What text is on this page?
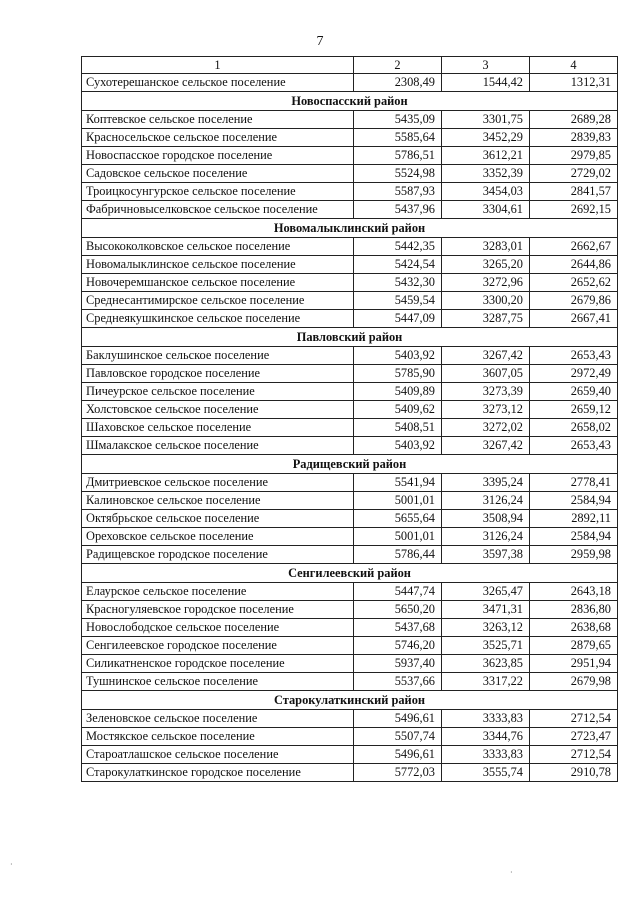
7
1	2	3	4
Сухотерешанское сельское поселение	2308,49	1544,42	1312,31
Новоспасский район			
Коптевское сельское поселение	5435,09	3301,75	2689,28
Красносельское сельское поселение	5585,64	3452,29	2839,83
Новоспасское городское поселение	5786,51	3612,21	2979,85
Садовское сельское поселение	5524,98	3352,39	2729,02
Троицкосунгурское сельское поселение	5587,93	3454,03	2841,57
Фабричновыселковское сельское поселение	5437,96	3304,61	2692,15
Новомалыклинский район			
Высококолковское сельское поселение	5442,35	3283,01	2662,67
Новомалыклинское сельское поселение	5424,54	3265,20	2644,86
Новочеремшанское сельское поселение	5432,30	3272,96	2652,62
Среднесантимирское сельское поселение	5459,54	3300,20	2679,86
Среднеякушкинское сельское поселение	5447,09	3287,75	2667,41
Павловский район			
Баклушинское сельское поселение	5403,92	3267,42	2653,43
Павловское городское поселение	5785,90	3607,05	2972,49
Пичеурское сельское поселение	5409,89	3273,39	2659,40
Холстовское сельское поселение	5409,62	3273,12	2659,12
Шаховское сельское поселение	5408,51	3272,02	2658,02
Шмалакское сельское поселение	5403,92	3267,42	2653,43
Радищевский район			
Дмитриевское сельское поселение	5541,94	3395,24	2778,41
Калиновское сельское поселение	5001,01	3126,24	2584,94
Октябрьское сельское поселение	5655,64	3508,94	2892,11
Ореховское сельское поселение	5001,01	3126,24	2584,94
Радищевское городское поселение	5786,44	3597,38	2959,98
Сенгилеевский район			
Елаурское сельское поселение	5447,74	3265,47	2643,18
Красногуляевское городское поселение	5650,20	3471,31	2836,80
Новослободское сельское поселение	5437,68	3263,12	2638,68
Сенгилеевское городское поселение	5746,20	3525,71	2879,65
Силикатненское городское поселение	5937,40	3623,85	2951,94
Тушнинское сельское поселение	5537,66	3317,22	2679,98
Старокулаткинский район			
Зеленовское сельское поселение	5496,61	3333,83	2712,54
Мостякское сельское поселение	5507,74	3344,76	2723,47
Староатлашское сельское поселение	5496,61	3333,83	2712,54
Старокулаткинское городское поселение	5772,03	3555,74	2910,78
·
·
